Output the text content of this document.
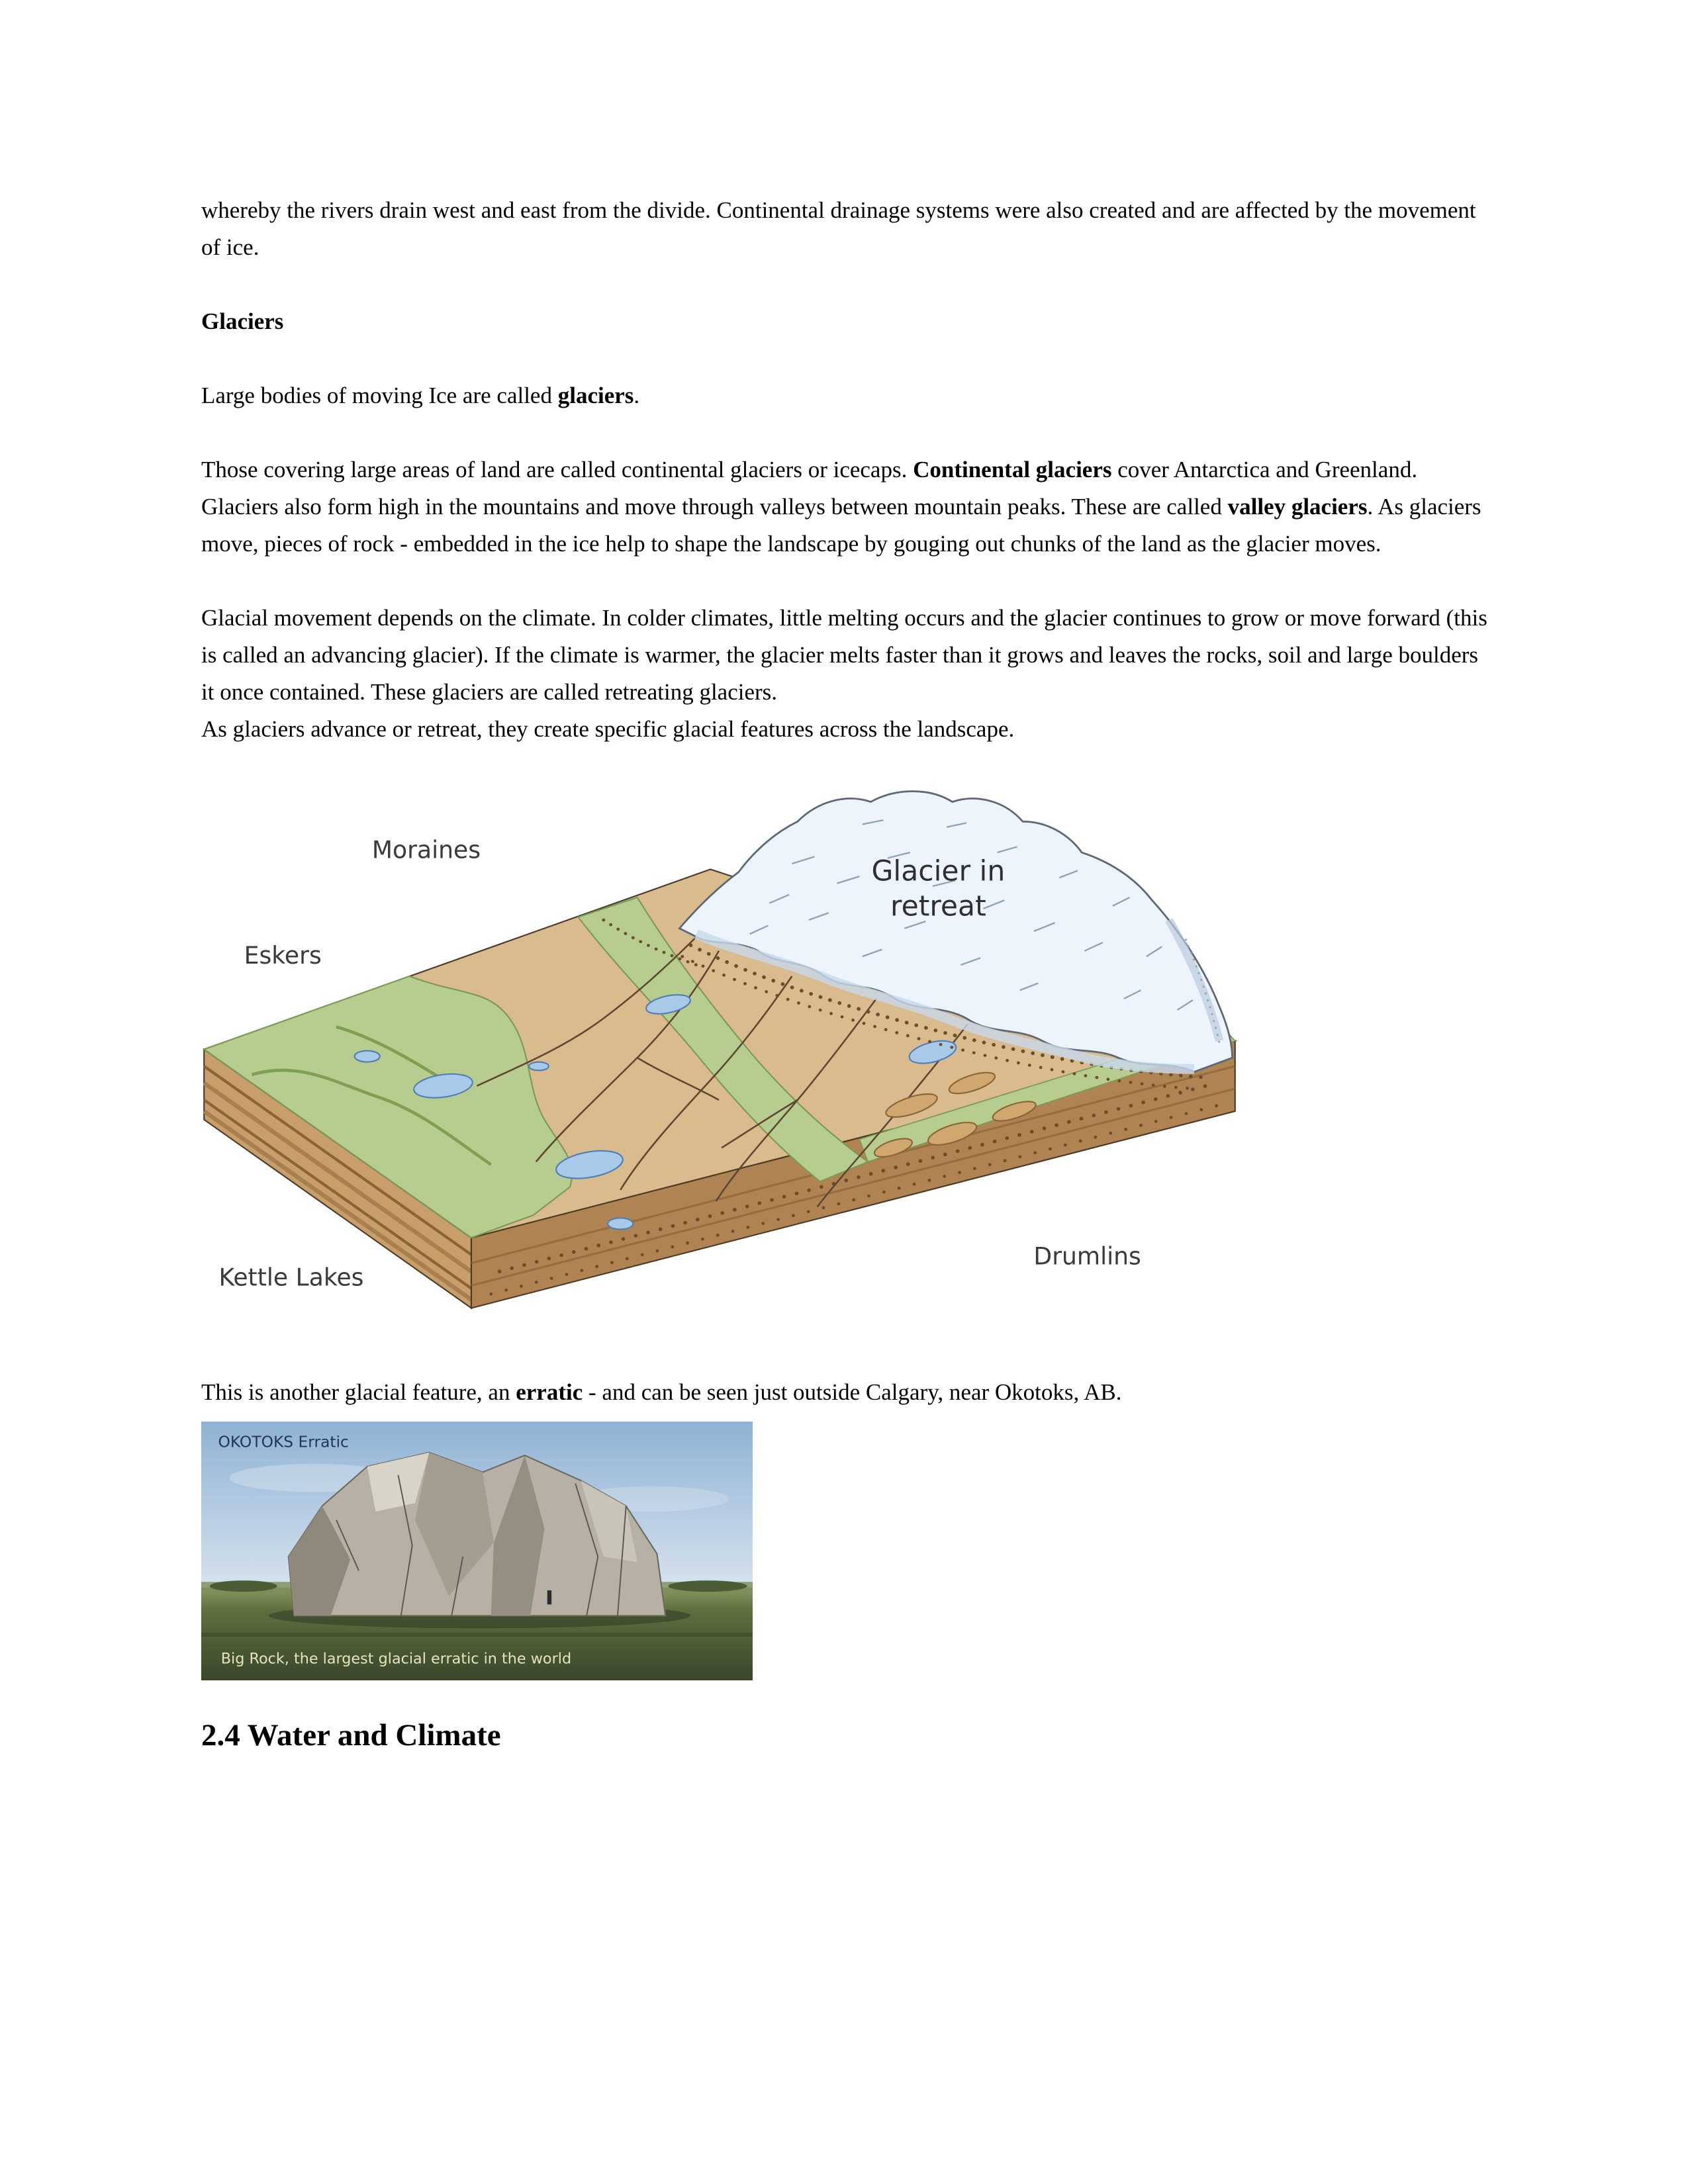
whereby the rivers drain west and east from the divide. Continental drainage systems were also created and are affected by the movement of ice.

Glaciers

Large bodies of moving Ice are called glaciers.

Those covering large areas of land are called continental glaciers or icecaps. Continental glaciers cover Antarctica and Greenland. Glaciers also form high in the mountains and move through valleys between mountain peaks. These are called valley glaciers. As glaciers move, pieces of rock - embedded in the ice help to shape the landscape by gouging out chunks of the land as the glacier moves.

Glacial movement depends on the climate. In colder climates, little melting occurs and the glacier continues to grow or move forward (this is called an advancing glacier). If the climate is warmer, the glacier melts faster than it grows and leaves the rocks, soil and large boulders it once contained. These glaciers are called retreating glaciers.
As glaciers advance or retreat, they create specific glacial features across the landscape.

Moraines
Eskers
Kettle Lakes
Drumlins
Glacier in
retreat

This is another glacial feature, an erratic - and can be seen just outside Calgary, near Okotoks, AB.

OKOTOKS Erratic
Big Rock, the largest glacial erratic in the world
2.4 Water and Climate
